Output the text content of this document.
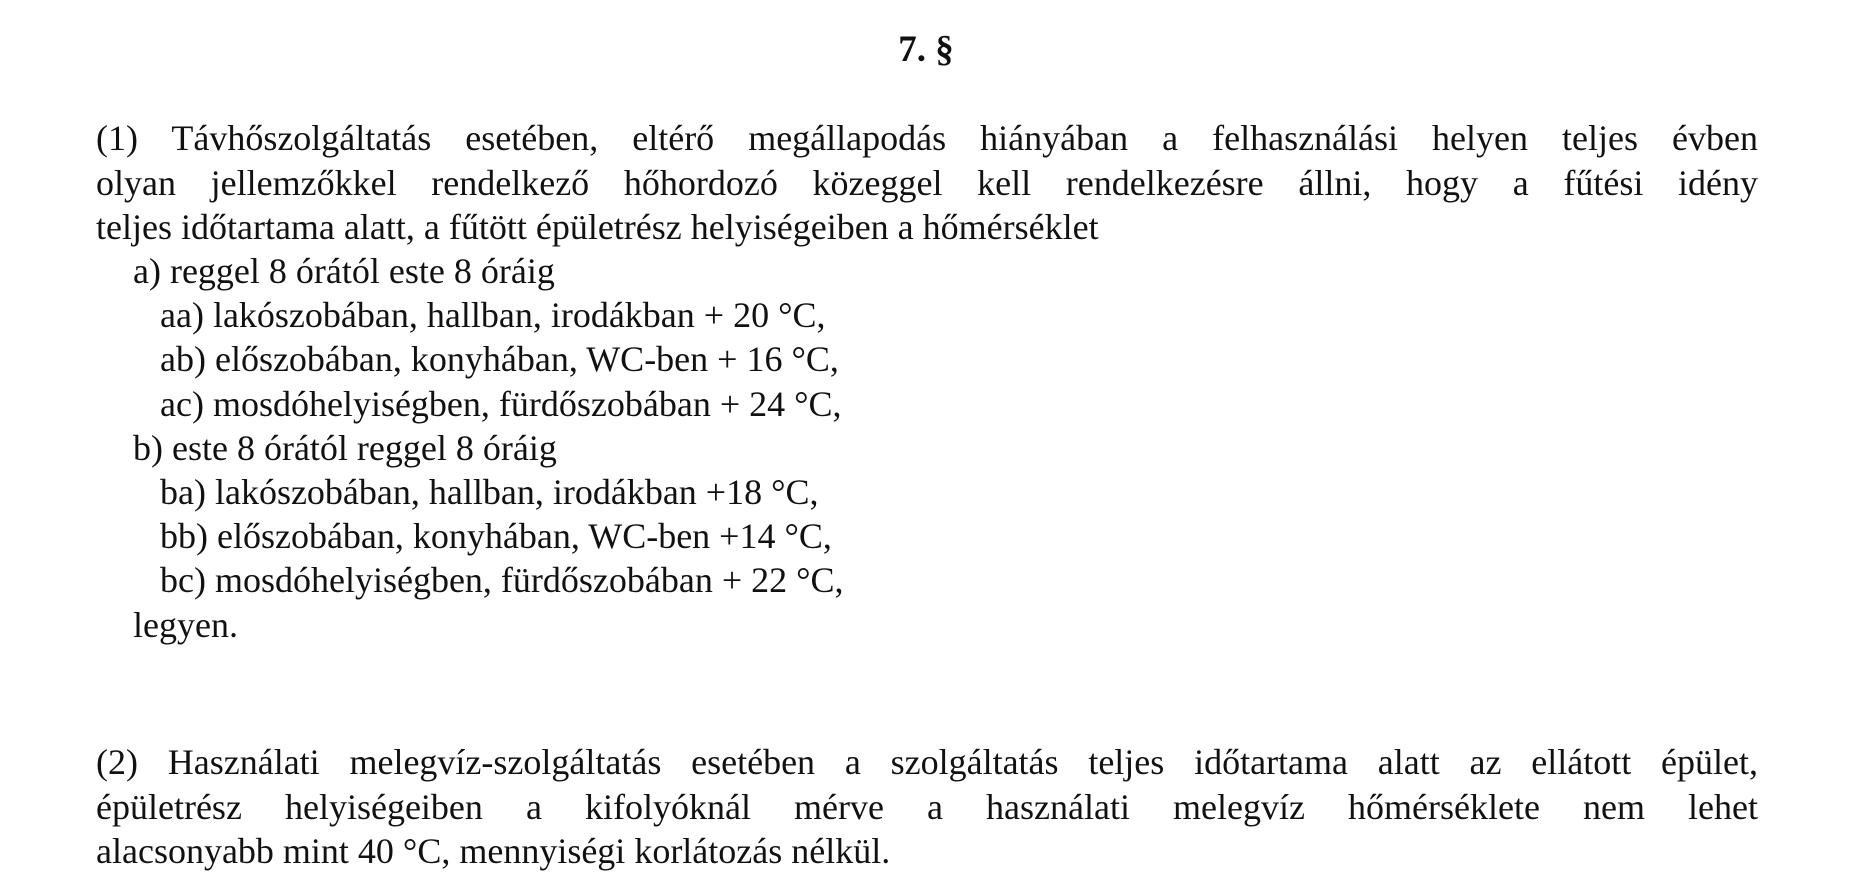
7. §
(1) Távhőszolgáltatás esetében, eltérő megállapodás hiányában a felhasználási helyen teljes évben
olyan jellemzőkkel rendelkező hőhordozó közeggel kell rendelkezésre állni, hogy a fűtési idény
teljes időtartama alatt, a fűtött épületrész helyiségeiben a hőmérséklet
a) reggel 8 órától este 8 óráig
aa) lakószobában, hallban, irodákban + 20 °C,
ab) előszobában, konyhában, WC-ben + 16 °C,
ac) mosdóhelyiségben, fürdőszobában + 24 °C,
b) este 8 órától reggel 8 óráig
ba) lakószobában, hallban, irodákban +18 °C,
bb) előszobában, konyhában, WC-ben +14 °C,
bc) mosdóhelyiségben, fürdőszobában + 22 °C,
legyen.
(2) Használati melegvíz-szolgáltatás esetében a szolgáltatás teljes időtartama alatt az ellátott épület,
épületrész helyiségeiben a kifolyóknál mérve a használati melegvíz hőmérséklete nem lehet
alacsonyabb mint 40 °C, mennyiségi korlátozás nélkül.
